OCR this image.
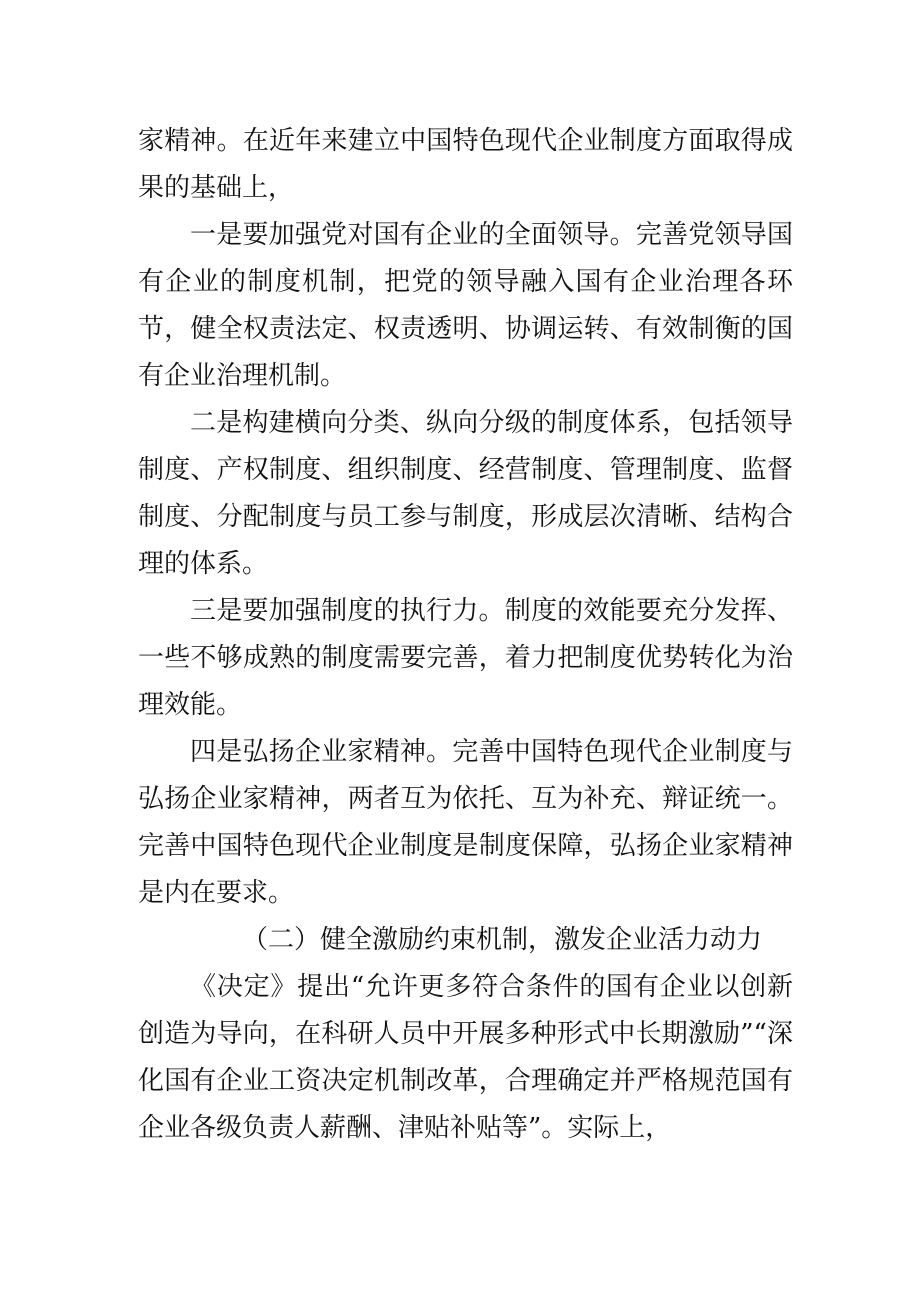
家精神。在近年来建立中国特色现代企业制度方面取得成果的基础上，

一是要加强党对国有企业的全面领导。完善党领导国有企业的制度机制，把党的领导融入国有企业治理各环节，健全权责法定、权责透明、协调运转、有效制衡的国有企业治理机制。

二是构建横向分类、纵向分级的制度体系，包括领导制度、产权制度、组织制度、经营制度、管理制度、监督制度、分配制度与员工参与制度，形成层次清晰、结构合理的体系。

三是要加强制度的执行力。制度的效能要充分发挥、一些不够成熟的制度需要完善，着力把制度优势转化为治理效能。

四是弘扬企业家精神。完善中国特色现代企业制度与弘扬企业家精神，两者互为依托、互为补充、辩证统一。完善中国特色现代企业制度是制度保障，弘扬企业家精神是内在要求。

（二）健全激励约束机制，激发企业活力动力

《决定》提出“允许更多符合条件的国有企业以创新创造为导向，在科研人员中开展多种形式中长期激励”“深化国有企业工资决定机制改革，合理确定并严格规范国有企业各级负责人薪酬、津贴补贴等”。实际上，
